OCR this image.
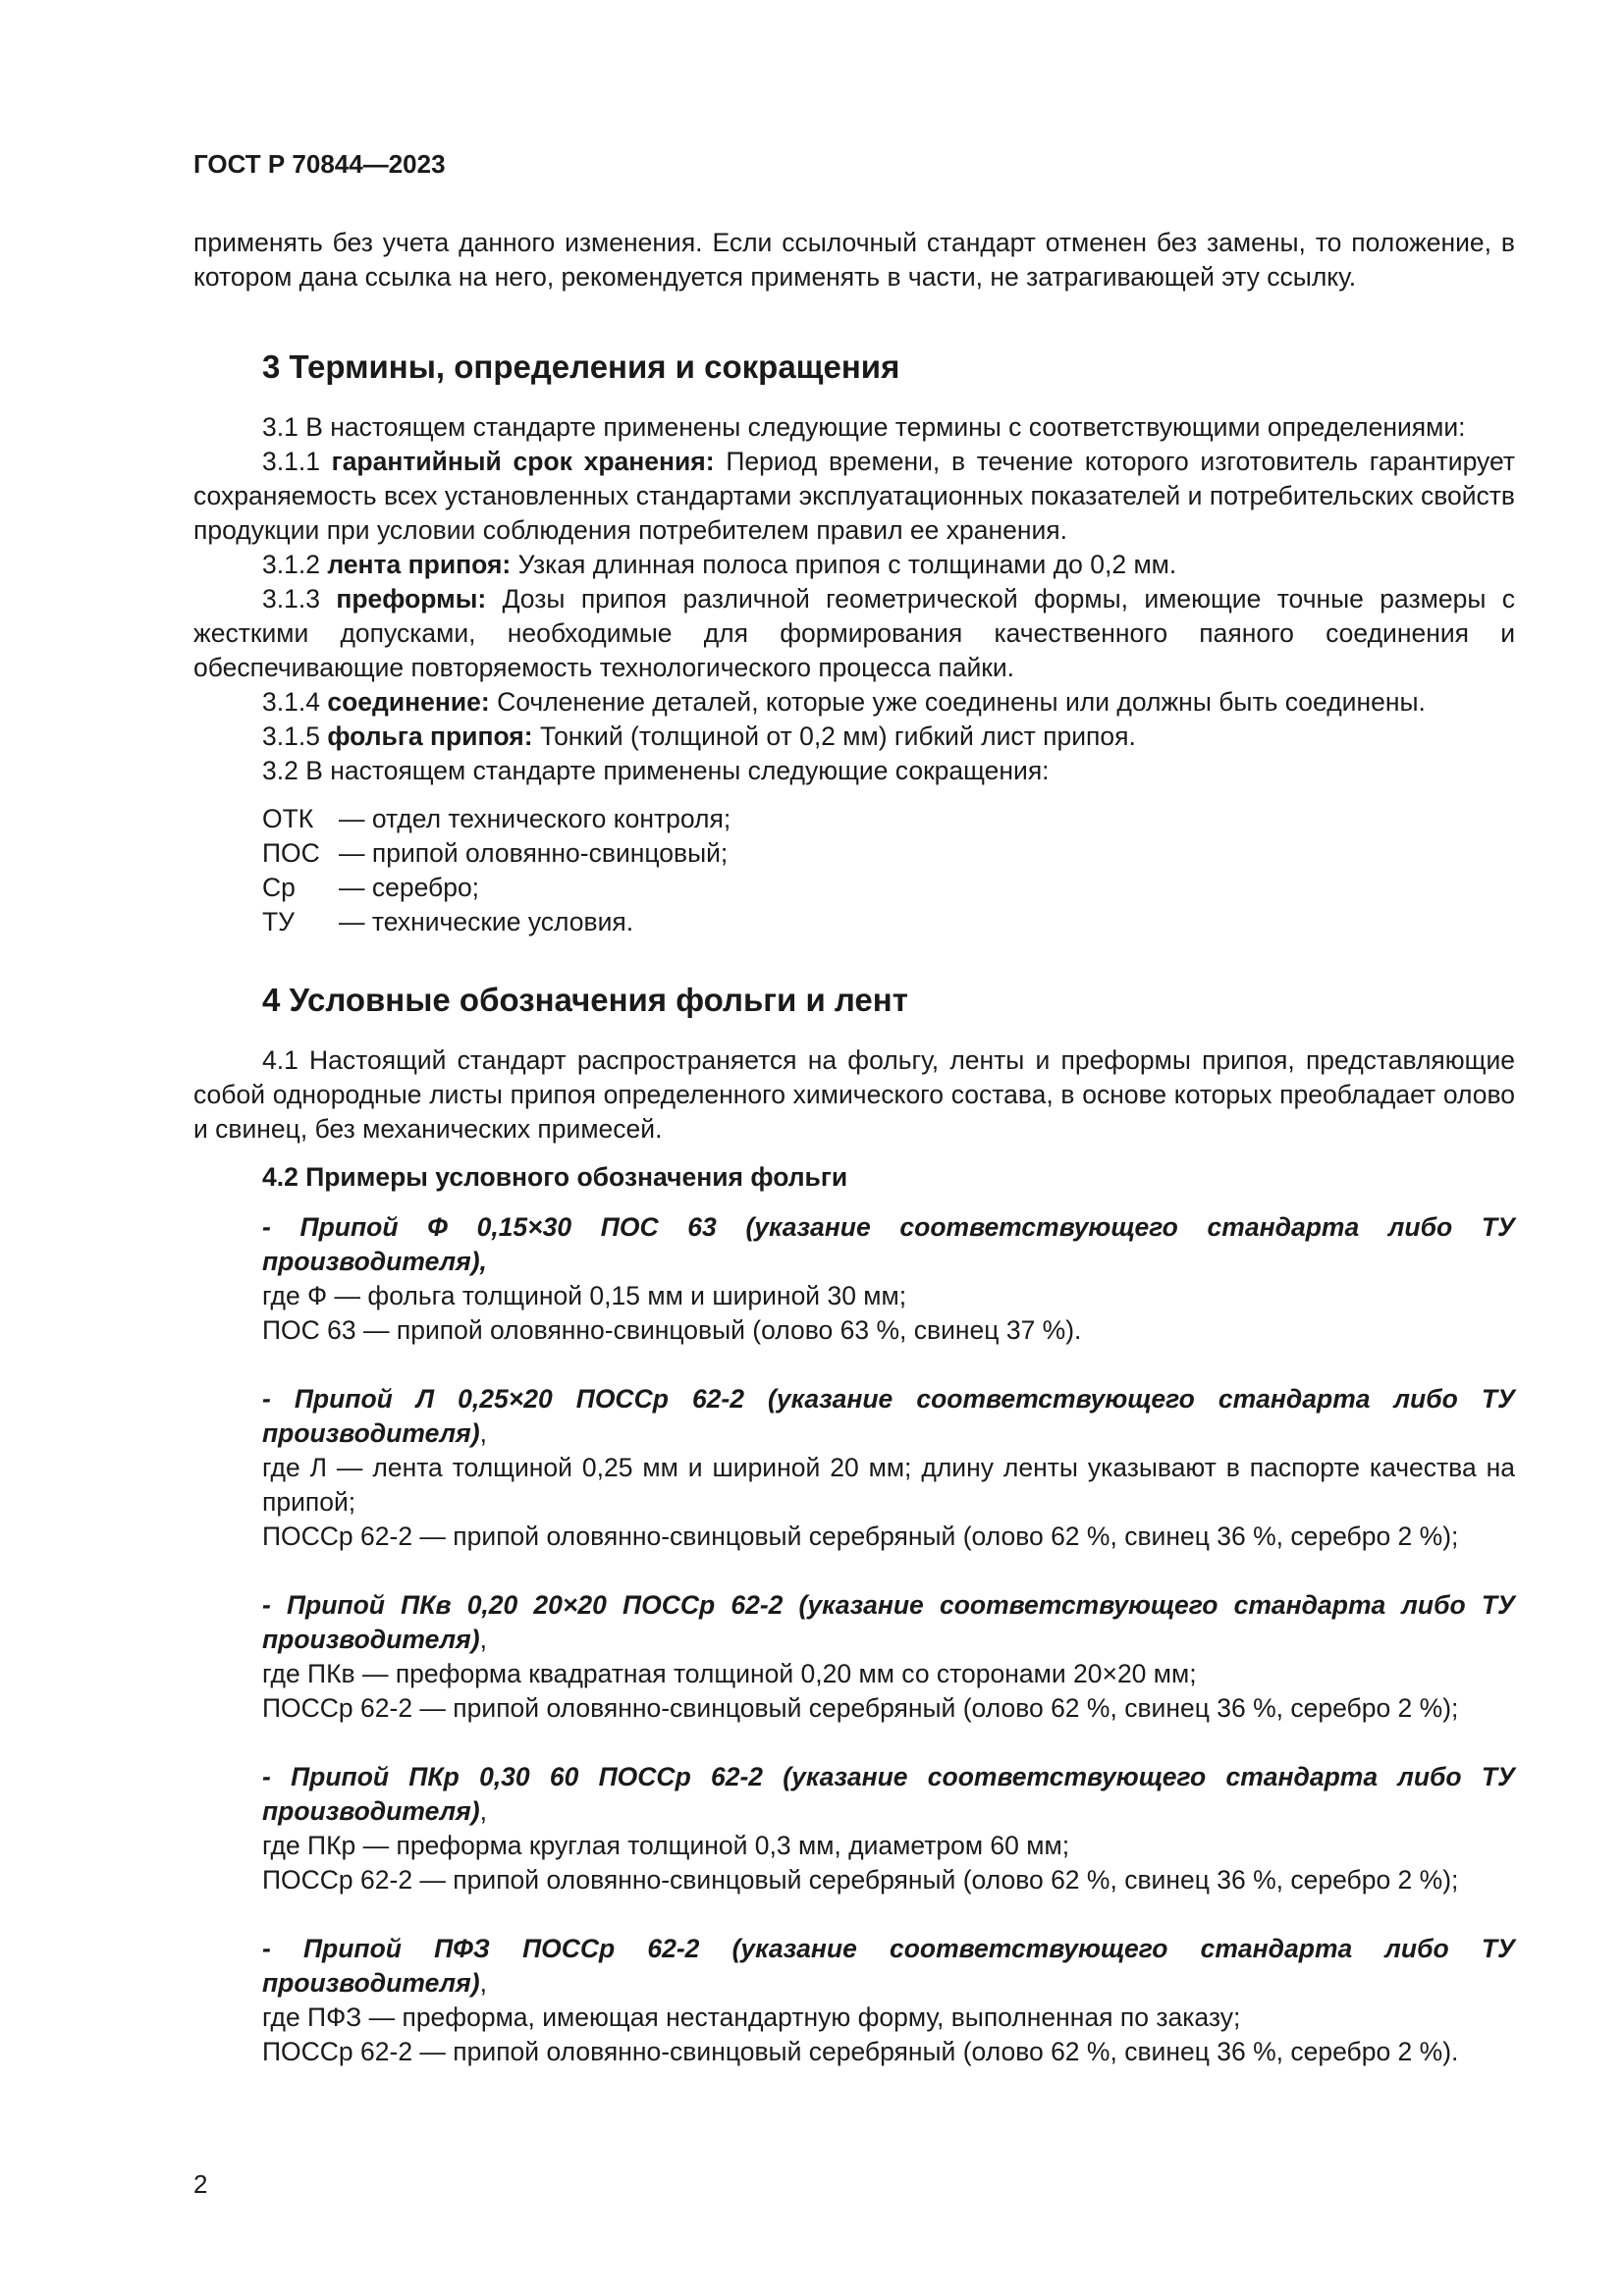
ГОСТ Р 70844—2023
применять без учета данного изменения. Если ссылочный стандарт отменен без замены, то положение, в котором дана ссылка на него, рекомендуется применять в части, не затрагивающей эту ссылку.
3 Термины, определения и сокращения
3.1 В настоящем стандарте применены следующие термины с соответствующими определениями:
3.1.1 гарантийный срок хранения: Период времени, в течение которого изготовитель гарантирует сохраняемость всех установленных стандартами эксплуатационных показателей и потребительских свойств продукции при условии соблюдения потребителем правил ее хранения.
3.1.2 лента припоя: Узкая длинная полоса припоя с толщинами до 0,2 мм.
3.1.3 преформы: Дозы припоя различной геометрической формы, имеющие точные размеры с жесткими допусками, необходимые для формирования качественного паяного соединения и обеспечивающие повторяемость технологического процесса пайки.
3.1.4 соединение: Сочленение деталей, которые уже соединены или должны быть соединены.
3.1.5 фольга припоя: Тонкий (толщиной от 0,2 мм) гибкий лист припоя.
3.2 В настоящем стандарте применены следующие сокращения:
ОТК — отдел технического контроля;
ПОС — припой оловянно-свинцовый;
Ср	— серебро;
ТУ	— технические условия.
4 Условные обозначения фольги и лент
4.1 Настоящий стандарт распространяется на фольгу, ленты и преформы припоя, представляющие собой однородные листы припоя определенного химического состава, в основе которых преобладает олово и свинец, без механических примесей.
4.2 Примеры условного обозначения фольги
- Припой Ф 0,15×30 ПОС 63 (указание соответствующего стандарта либо ТУ производителя),
где Ф — фольга толщиной 0,15 мм и шириной 30 мм;
ПОС 63 — припой оловянно-свинцовый (олово 63 %, свинец 37 %).
- Припой Л 0,25×20 ПОССр 62-2 (указание соответствующего стандарта либо ТУ производителя),
где Л — лента толщиной 0,25 мм и шириной 20 мм; длину ленты указывают в паспорте качества на припой;
ПОССр 62-2 — припой оловянно-свинцовый серебряный (олово 62 %, свинец 36 %, серебро 2 %);
- Припой ПКв 0,20 20×20 ПОССр 62-2 (указание соответствующего стандарта либо ТУ производителя),
где ПКв — преформа квадратная толщиной 0,20 мм со сторонами 20×20 мм;
ПОССр 62-2 — припой оловянно-свинцовый серебряный (олово 62 %, свинец 36 %, серебро 2 %);
- Припой ПКр 0,30 60 ПОССр 62-2 (указание соответствующего стандарта либо ТУ производителя),
где ПКр — преформа круглая толщиной 0,3 мм, диаметром 60 мм;
ПОССр 62-2 — припой оловянно-свинцовый серебряный (олово 62 %, свинец 36 %, серебро 2 %);
- Припой ПФЗ ПОССр 62-2 (указание соответствующего стандарта либо ТУ производителя),
где ПФЗ — преформа, имеющая нестандартную форму, выполненная по заказу;
ПОССр 62-2 — припой оловянно-свинцовый серебряный (олово 62 %, свинец 36 %, серебро 2 %).
2
